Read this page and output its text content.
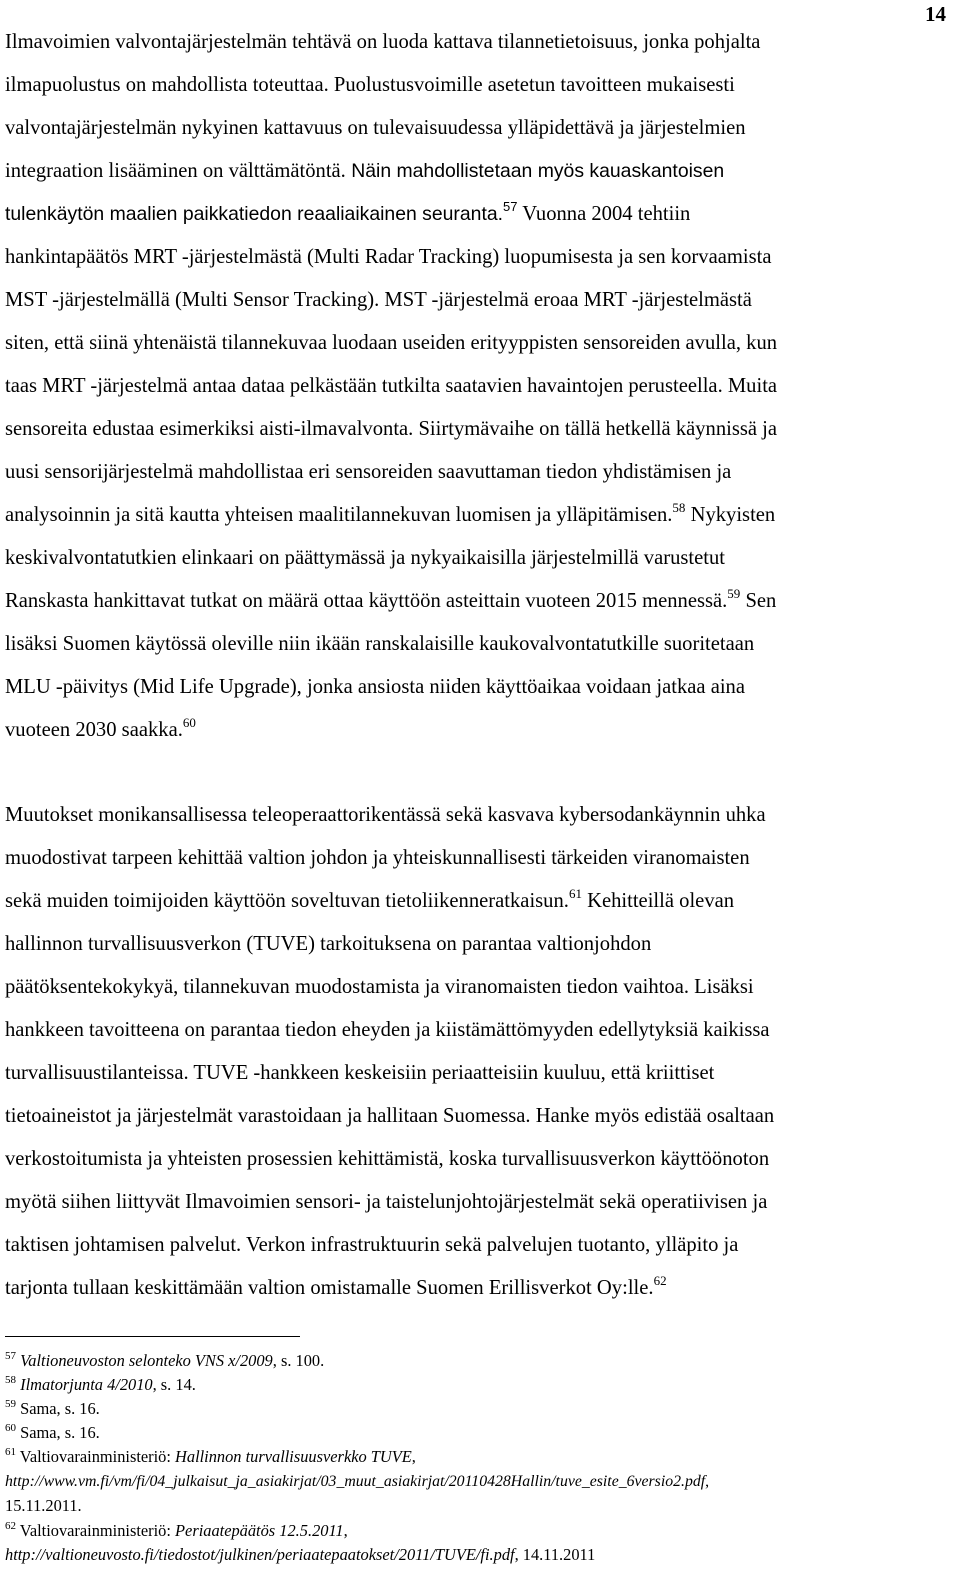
14
Ilmavoimien valvontajärjestelmän tehtävä on luoda kattava tilannetietoisuus, jonka pohjalta
ilmapuolustus on mahdollista toteuttaa. Puolustusvoimille asetetun tavoitteen mukaisesti
valvontajärjestelmän nykyinen kattavuus on tulevaisuudessa ylläpidettävä ja järjestelmien
integraation lisääminen on välttämätöntä. Näin mahdollistetaan myös kauaskantoisen
tulenkäytön maalien paikkatiedon reaaliaikainen seuranta.$^{57}$ Vuonna 2004 tehtiin
hankintapäätös MRT -järjestelmästä (Multi Radar Tracking) luopumisesta ja sen korvaamista
MST -järjestelmällä (Multi Sensor Tracking). MST -järjestelmä eroaa MRT -järjestelmästä
siten, että siinä yhtenäistä tilannekuvaa luodaan useiden erityyppisten sensoreiden avulla, kun
taas MRT -järjestelmä antaa dataa pelkästään tutkilta saatavien havaintojen perusteella. Muita
sensoreita edustaa esimerkiksi aisti-ilmavalvonta. Siirtymävaihe on tällä hetkellä käynnissä ja
uusi sensorijärjestelmä mahdollistaa eri sensoreiden saavuttaman tiedon yhdistämisen ja
analysoinnin ja sitä kautta yhteisen maalitilannekuvan luomisen ja ylläpitämisen.$^{58}$ Nykyisten
keskivalvontatutkien elinkaari on päättymässä ja nykyaikaisilla järjestelmillä varustetut
Ranskasta hankittavat tutkat on määrä ottaa käyttöön asteittain vuoteen 2015 mennessä.$^{59}$ Sen
lisäksi Suomen käytössä oleville niin ikään ranskalaisille kaukovalvontatutkille suoritetaan
MLU -päivitys (Mid Life Upgrade), jonka ansiosta niiden käyttöaikaa voidaan jatkaa aina
vuoteen 2030 saakka.$^{60}$
Muutokset monikansallisessa teleoperaattorikentässä sekä kasvava kybersodankäynnin uhka
muodostivat tarpeen kehittää valtion johdon ja yhteiskunnallisesti tärkeiden viranomaisten
sekä muiden toimijoiden käyttöön soveltuvan tietoliikenneratkaisun.$^{61}$ Kehitteillä olevan
hallinnon turvallisuusverkon (TUVE) tarkoituksena on parantaa valtionjohdon
päätöksentekokykyä, tilannekuvan muodostamista ja viranomaisten tiedon vaihtoa. Lisäksi
hankkeen tavoitteena on parantaa tiedon eheyden ja kiistämättömyyden edellytyksiä kaikissa
turvallisuustilanteissa. TUVE -hankkeen keskeisiin periaatteisiin kuuluu, että kriittiset
tietoaineistot ja järjestelmät varastoidaan ja hallitaan Suomessa. Hanke myös edistää osaltaan
verkostoitumista ja yhteisten prosessien kehittämistä, koska turvallisuusverkon käyttöönoton
myötä siihen liittyvät Ilmavoimien sensori- ja taistelunjohtojärjestelmät sekä operatiivisen ja
taktisen johtamisen palvelut. Verkon infrastruktuurin sekä palvelujen tuotanto, ylläpito ja
tarjonta tullaan keskittämään valtion omistamalle Suomen Erillisverkot Oy:lle.$^{62}$
$^{57}$ Valtioneuvoston selonteko VNS x/2009, s. 100.
$^{58}$ Ilmatorjunta 4/2010, s. 14.
$^{59}$ Sama, s. 16.
$^{60}$ Sama, s. 16.
$^{61}$ Valtiovarainministeriö: Hallinnon turvallisuusverkko TUVE,
http://www.vm.fi/vm/fi/04_julkaisut_ja_asiakirjat/03_muut_asiakirjat/20110428Hallin/tuve_esite_6versio2.pdf,
15.11.2011.
$^{62}$ Valtiovarainministeriö: Periaatepäätös 12.5.2011,
http://valtioneuvosto.fi/tiedostot/julkinen/periaatepaatokset/2011/TUVE/fi.pdf, 14.11.2011
